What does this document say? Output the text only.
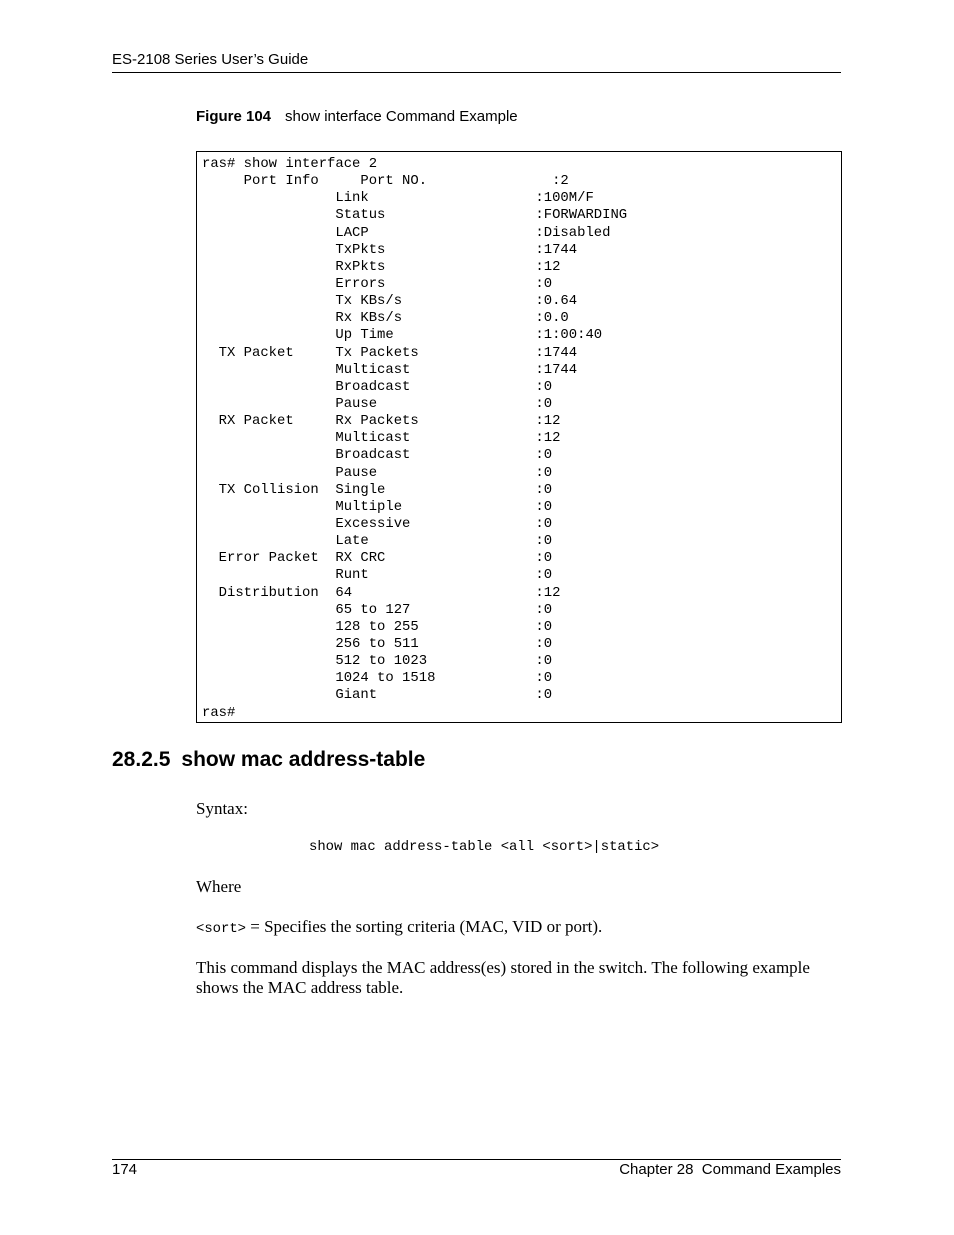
ES-2108 Series User’s Guide
Figure 104 show interface Command Example
ras# show interface 2
Port Info     Port NO.               :2
Link                    :100M/F
Status                  :FORWARDING
LACP                    :Disabled
TxPkts                  :1744
RxPkts                  :12
Errors                  :0
Tx KBs/s                :0.64
Rx KBs/s                :0.0
Up Time                 :1:00:40
TX Packet     Tx Packets              :1744
Multicast               :1744
Broadcast               :0
Pause                   :0
RX Packet     Rx Packets              :12
Multicast               :12
Broadcast               :0
Pause                   :0
TX Collision  Single                  :0
Multiple                :0
Excessive               :0
Late                    :0
Error Packet  RX CRC                  :0
Runt                    :0
Distribution  64                      :12
65 to 127               :0
128 to 255              :0
256 to 511              :0
512 to 1023             :0
1024 to 1518            :0
Giant                   :0
ras#
28.2.5 show mac address-table
Syntax:
show mac address-table <all <sort>|static>
Where
<sort> = Specifies the sorting criteria (MAC, VID or port).
This command displays the MAC address(es) stored in the switch. The following example shows the MAC address table.
174	Chapter 28  Command Examples
